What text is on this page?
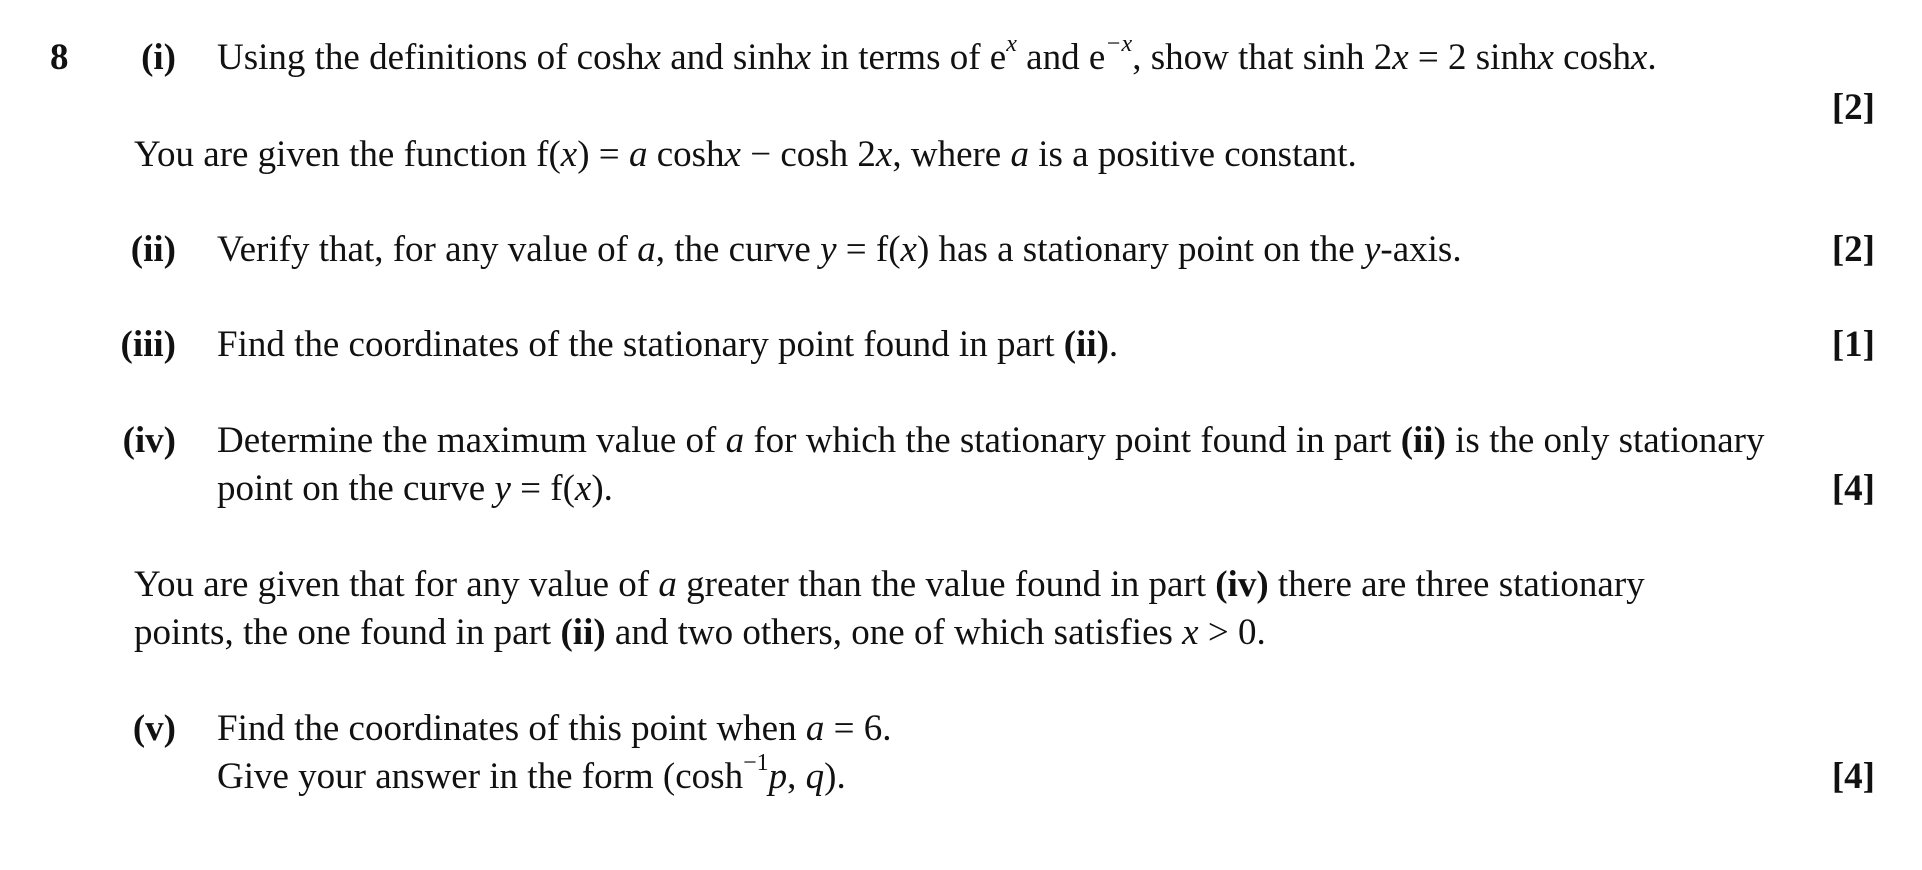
8	(i) Using the definitions of coshx and sinhx in terms of $e^x$ and $e^{-x}$, show that sinh 2x = 2 sinhx coshx.
[2]
You are given the function f(x) = a coshx − cosh 2x, where a is a positive constant.
(ii) Verify that, for any value of a, the curve y = f(x) has a stationary point on the y-axis.	[2]
(iii) Find the coordinates of the stationary point found in part (ii).	[1]
(iv) Determine the maximum value of a for which the stationary point found in part (ii) is the only stationary
point on the curve y = f(x).	[4]
You are given that for any value of a greater than the value found in part (iv) there are three stationary
points, the one found in part (ii) and two others, one of which satisfies x > 0.
(v) Find the coordinates of this point when a = 6.
Give your answer in the form ($\cosh^{-1}p$, q).	[4]
